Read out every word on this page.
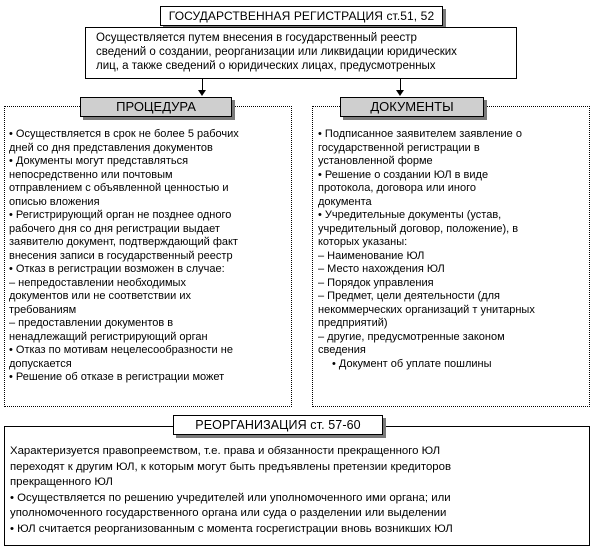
ГОСУДАРСТВЕННАЯ РЕГИСТРАЦИЯ ст.51, 52
Осуществляется путем внесения в государственный реестр
сведений о создании, реорганизации или ликвидации юридических
лиц, а также сведений о юридических лицах, предусмотренных
ПРОЦЕДУРА
• Осуществляется в срок не более 5 рабочих
дней со дня представления документов
• Документы могут представляться
непосредственно или почтовым
отправлением с объявленной ценностью и
описью вложения
• Регистрирующий орган не позднее одного
рабочего дня со дня регистрации выдает
заявителю документ, подтверждающий факт
внесения записи в государственный реестр
• Отказ в регистрации возможен в случае:
– непредоставлении необходимых
документов или не соответствии их
требованиям
– предоставлении документов в
ненадлежащий регистрирующий орган
• Отказ по мотивам нецелесообразности не
допускается
• Решение об отказе в регистрации может
ДОКУМЕНТЫ
• Подписанное заявителем заявление о
государственной регистрации в
установленной форме
• Решение о создании ЮЛ в виде
протокола, договора или иного
документа
• Учредительные документы (устав,
учредительный договор, положение), в
которых указаны:
– Наименование ЮЛ
– Место нахождения ЮЛ
– Порядок управления
– Предмет, цели деятельности (для
некоммерческих организаций т унитарных
предприятий)
– другие, предусмотренные законом
сведения
• Документ об уплате пошлины
РЕОРГАНИЗАЦИЯ ст. 57-60
Характеризуется правопреемством, т.е. права и обязанности прекращенного ЮЛ
переходят к другим ЮЛ, к которым могут быть предъявлены претензии кредиторов
прекращенного ЮЛ
• Осуществляется по решению учредителей или уполномоченного ими органа; или
уполномоченного государственного органа или суда о разделении или выделении
• ЮЛ считается реорганизованным с момента госрегистрации вновь возникших ЮЛ
